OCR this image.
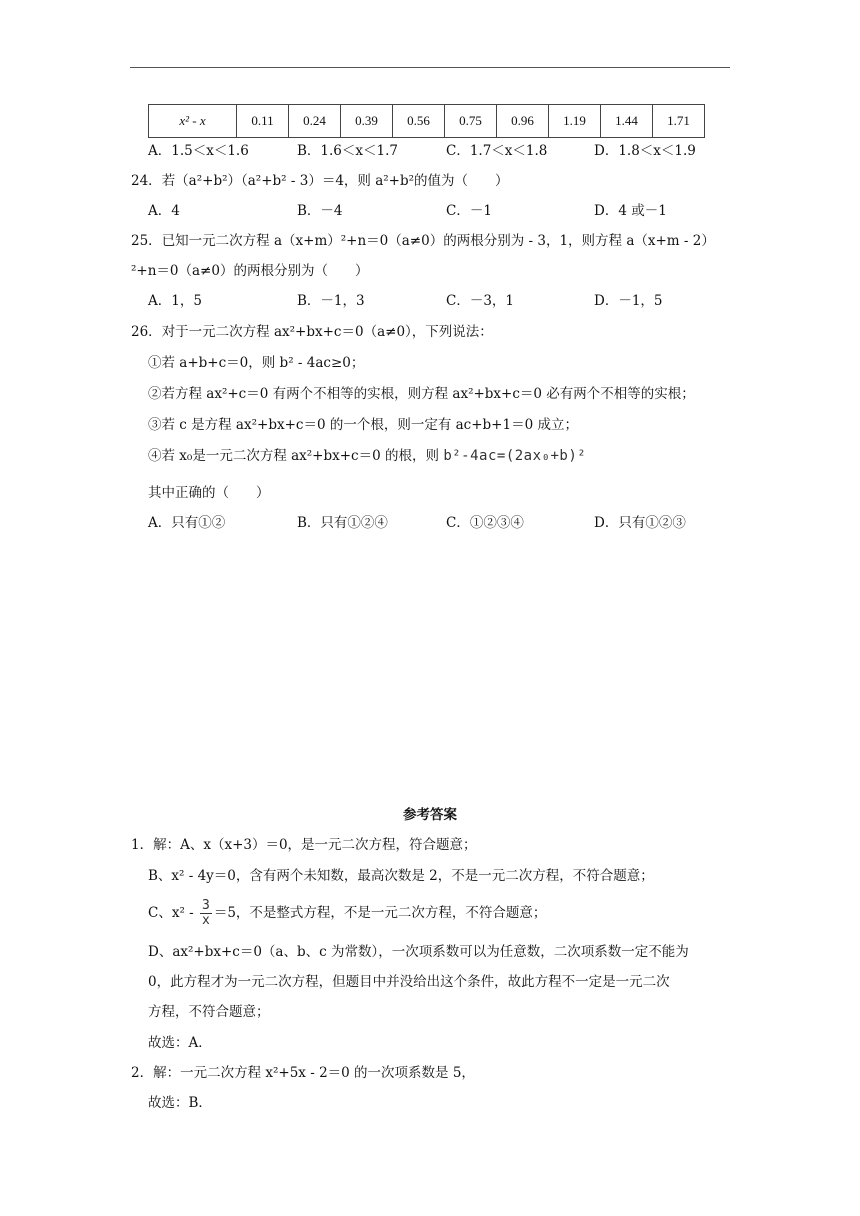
x² - x	0.11	0.24	0.39	0.56	0.75	0.96	1.19	1.44	1.71
A．1.5＜x＜1.6	B．1.6＜x＜1.7	C．1.7＜x＜1.8	D．1.8＜x＜1.9
24．若（a²+b²）（a²+b² - 3）＝4，则 a²+b²的值为（　　）
A．4	B．－4	C．－1	D．4 或－1
25．已知一元二次方程 a（x+m）²+n＝0（a≠0）的两根分别为 - 3，1，则方程 a（x+m - 2）
²+n＝0（a≠0）的两根分别为（　　）
A．1，5	B．－1，3	C．－3，1	D．－1，5
26．对于一元二次方程 ax²+bx+c＝0（a≠0），下列说法：
①若 a+b+c＝0，则 b² - 4ac≥0；
②若方程 ax²+c＝0 有两个不相等的实根，则方程 ax²+bx+c＝0 必有两个不相等的实根；
③若 c 是方程 ax²+bx+c＝0 的一个根，则一定有 ac+b+1＝0 成立；
④若 x₀是一元二次方程 ax²+bx+c＝0 的根，则 b²-4ac=(2ax₀+b)²
其中正确的（　　）
A．只有①②	B．只有①②④	C．①②③④	D．只有①②③
参考答案
1．解：A、x（x+3）＝0，是一元二次方程，符合题意；
B、x² - 4y＝0，含有两个未知数，最高次数是 2，不是一元二次方程，不符合题意；
C、$x^2 - \frac{3}{x} =5$，不是整式方程，不是一元二次方程，不符合题意；
D、ax²+bx+c＝0（a、b、c 为常数），一次项系数可以为任意数，二次项系数一定不能为
0，此方程才为一元二次方程，但题目中并没给出这个条件，故此方程不一定是一元二次
方程，不符合题意；
故选：A．
2．解：一元二次方程 x²+5x - 2＝0 的一次项系数是 5，
故选：B．
